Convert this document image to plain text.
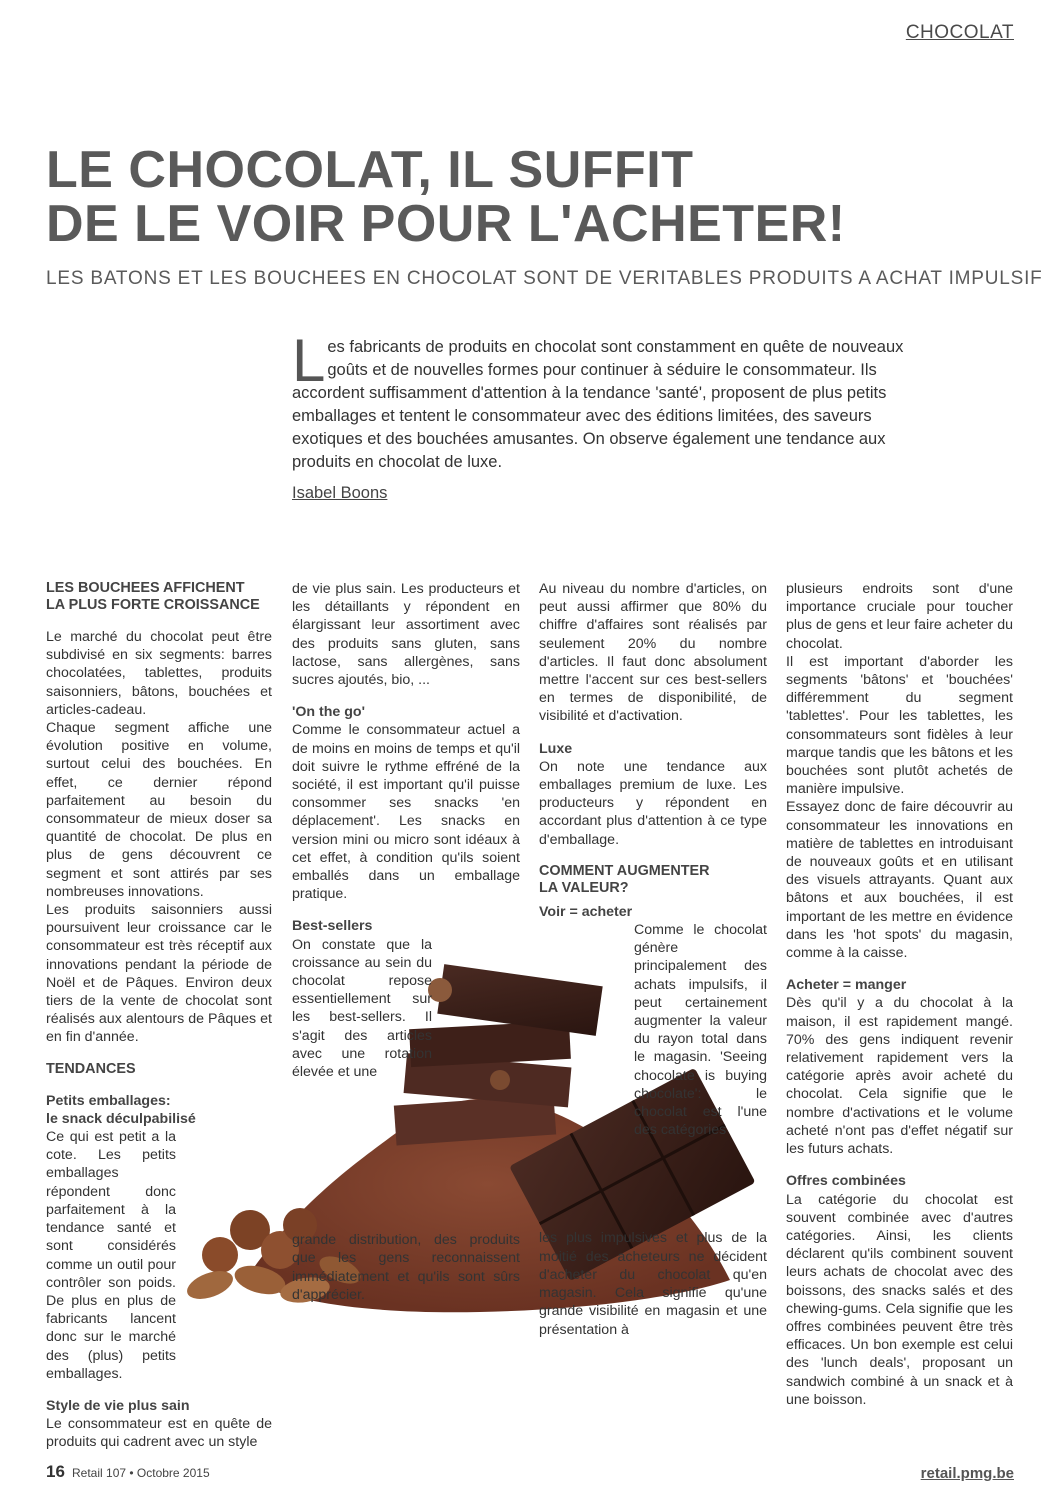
CHOCOLAT
LE CHOCOLAT, IL SUFFIT
DE LE VOIR POUR L'ACHETER!
LES BATONS ET LES BOUCHEES EN CHOCOLAT SONT DE VERITABLES PRODUITS A ACHAT IMPULSIF

Les fabricants de produits en chocolat sont constamment en quête de nouveaux goûts et de nouvelles formes pour continuer à séduire le consommateur. Ils accordent suffisamment d'attention à la tendance 'santé', proposent de plus petits emballages et tentent le consommateur avec des éditions limitées, des saveurs exotiques et des bouchées amusantes. On observe également une tendance aux produits en chocolat de luxe.

Isabel Boons

LES BOUCHEES AFFICHENT
LA PLUS FORTE CROISSANCE

Le marché du chocolat peut être subdivisé en six segments: barres chocolatées, tablettes, produits saisonniers, bâtons, bouchées et articles-cadeau.

Chaque segment affiche une évolution positive en volume, surtout celui des bouchées. En effet, ce dernier répond parfaitement au besoin du consommateur de mieux doser sa quantité de chocolat. De plus en plus de gens découvrent ce segment et sont attirés par ses nombreuses innovations.

Les produits saisonniers aussi poursuivent leur croissance car le consommateur est très réceptif aux innovations pendant la période de Noël et de Pâques. Environ deux tiers de la vente de chocolat sont réalisés aux alentours de Pâques et en fin d'année.

TENDANCES

Petits emballages:
le snack déculpabilisé

Ce qui est petit a la cote. Les petits emballages répondent donc parfaitement à la tendance santé et sont considérés comme un outil pour contrôler son poids. De plus en plus de fabricants lancent donc sur le marché des (plus) petits emballages.

Style de vie plus sain

Le consommateur est en quête de produits qui cadrent avec un style

de vie plus sain. Les producteurs et les détaillants y répondent en élargissant leur assortiment avec des produits sans gluten, sans lactose, sans allergènes, sans sucres ajoutés, bio, ...

'On the go'

Comme le consommateur actuel a de moins en moins de temps et qu'il doit suivre le rythme effréné de la société, il est important qu'il puisse consommer ses snacks 'en déplacement'. Les snacks en version mini ou micro sont idéaux à cet effet, à condition qu'ils soient emballés dans un emballage pratique.

Best-sellers

On constate que la croissance au sein du chocolat repose essentiellement sur les best-sellers. Il s'agit des articles avec une rotation élevée et une

grande distribution, des produits que les gens reconnaissent immédiatement et qu'ils sont sûrs d'apprécier.

Au niveau du nombre d'articles, on peut aussi affirmer que 80% du chiffre d'affaires sont réalisés par seulement 20% du nombre d'articles. Il faut donc absolument mettre l'accent sur ces best-sellers en termes de disponibilité, de visibilité et d'activation.

Luxe

On note une tendance aux emballages premium de luxe. Les producteurs y répondent en accordant plus d'attention à ce type d'emballage.

COMMENT AUGMENTER
LA VALEUR?

Voir = acheter

Comme le chocolat génère principalement des achats impulsifs, il peut certainement augmenter la valeur du rayon total dans le magasin. 'Seeing chocolate is buying chocolate': le chocolat est l'une des catégories

les plus impulsives et plus de la moitié des acheteurs ne décident d'acheter du chocolat qu'en magasin. Cela signifie qu'une grande visibilité en magasin et une présentation à

plusieurs endroits sont d'une importance cruciale pour toucher plus de gens et leur faire acheter du chocolat.

Il est important d'aborder les segments 'bâtons' et 'bouchées' différemment du segment 'tablettes'. Pour les tablettes, les consommateurs sont fidèles à leur marque tandis que les bâtons et les bouchées sont plutôt achetés de manière impulsive.

Essayez donc de faire découvrir au consommateur les innovations en matière de tablettes en introduisant de nouveaux goûts et en utilisant des visuels attrayants. Quant aux bâtons et aux bouchées, il est important de les mettre en évidence dans les 'hot spots' du magasin, comme à la caisse.

Acheter = manger

Dès qu'il y a du chocolat à la maison, il est rapidement mangé. 70% des gens indiquent revenir relativement rapidement vers la catégorie après avoir acheté du chocolat. Cela signifie que le nombre d'activations et le volume acheté n'ont pas d'effet négatif sur les futurs achats.

Offres combinées

La catégorie du chocolat est souvent combinée avec d'autres catégories. Ainsi, les clients déclarent qu'ils combinent souvent leurs achats de chocolat avec des boissons, des snacks salés et des chewing-gums. Cela signifie que les offres combinées peuvent être très efficaces. Un bon exemple est celui des 'lunch deals', proposant un sandwich combiné à un snack et à une boisson.

16 Retail 107 • Octobre 2015	retail.pmg.be
